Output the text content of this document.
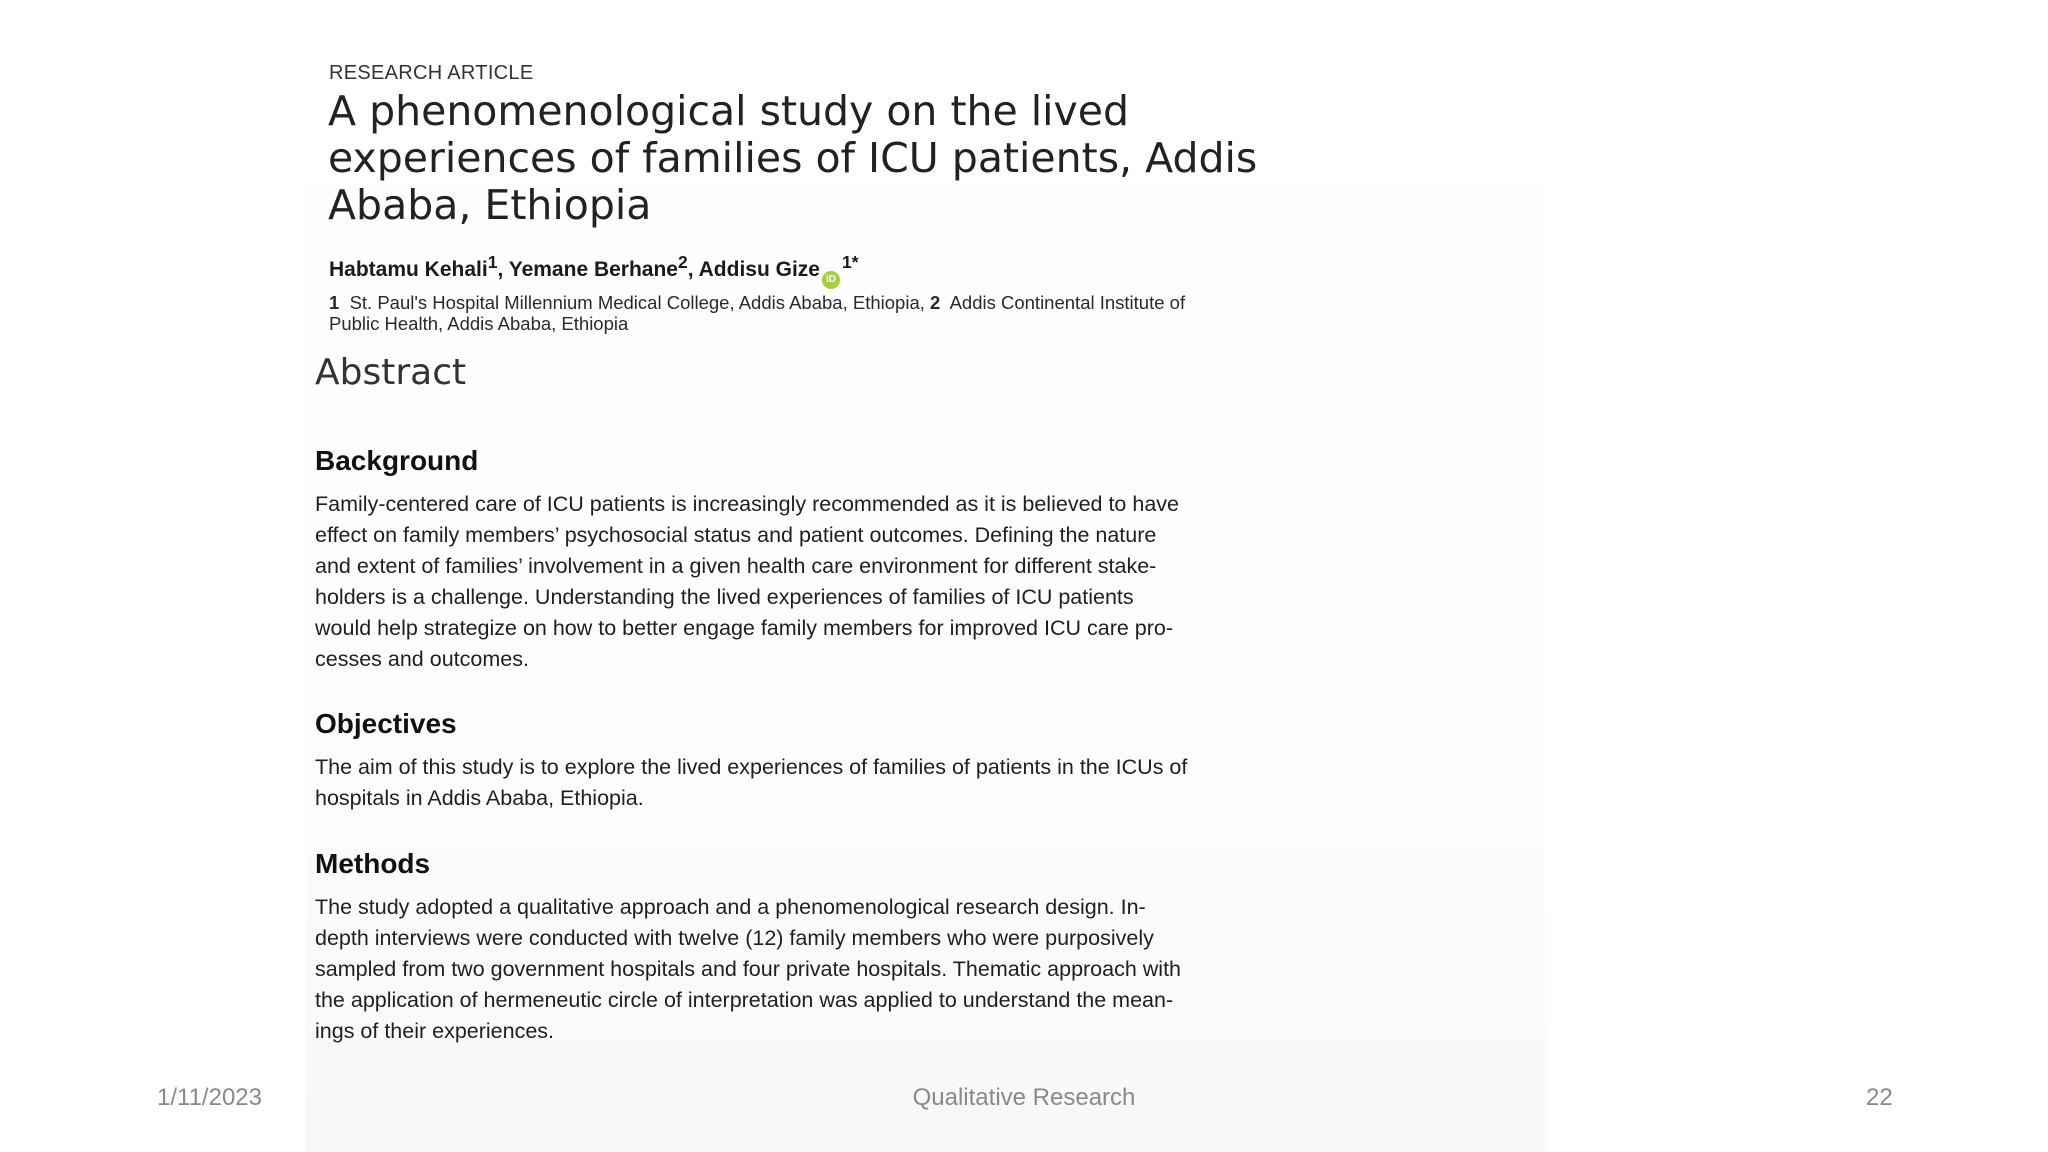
RESEARCH ARTICLE
A phenomenological study on the lived
experiences of families of ICU patients, Addis
Ababa, Ethiopia
Habtamu Kehali$^1$, Yemane Berhane$^2$, Addisu Gize $iD^{1*}$
1 St. Paul's Hospital Millennium Medical College, Addis Ababa, Ethiopia, 2 Addis Continental Institute of
Public Health, Addis Ababa, Ethiopia
Abstract
Background

Family-centered care of ICU patients is increasingly recommended as it is believed to have
effect on family members’ psychosocial status and patient outcomes. Defining the nature
and extent of families’ involvement in a given health care environment for different stake-
holders is a challenge. Understanding the lived experiences of families of ICU patients
would help strategize on how to better engage family members for improved ICU care pro-
cesses and outcomes.

Objectives

The aim of this study is to explore the lived experiences of families of patients in the ICUs of
hospitals in Addis Ababa, Ethiopia.

Methods

The study adopted a qualitative approach and a phenomenological research design. In-
depth interviews were conducted with twelve (12) family members who were purposively
sampled from two government hospitals and four private hospitals. Thematic approach with
the application of hermeneutic circle of interpretation was applied to understand the mean-
ings of their experiences.

1/11/2023	Qualitative Research	22
